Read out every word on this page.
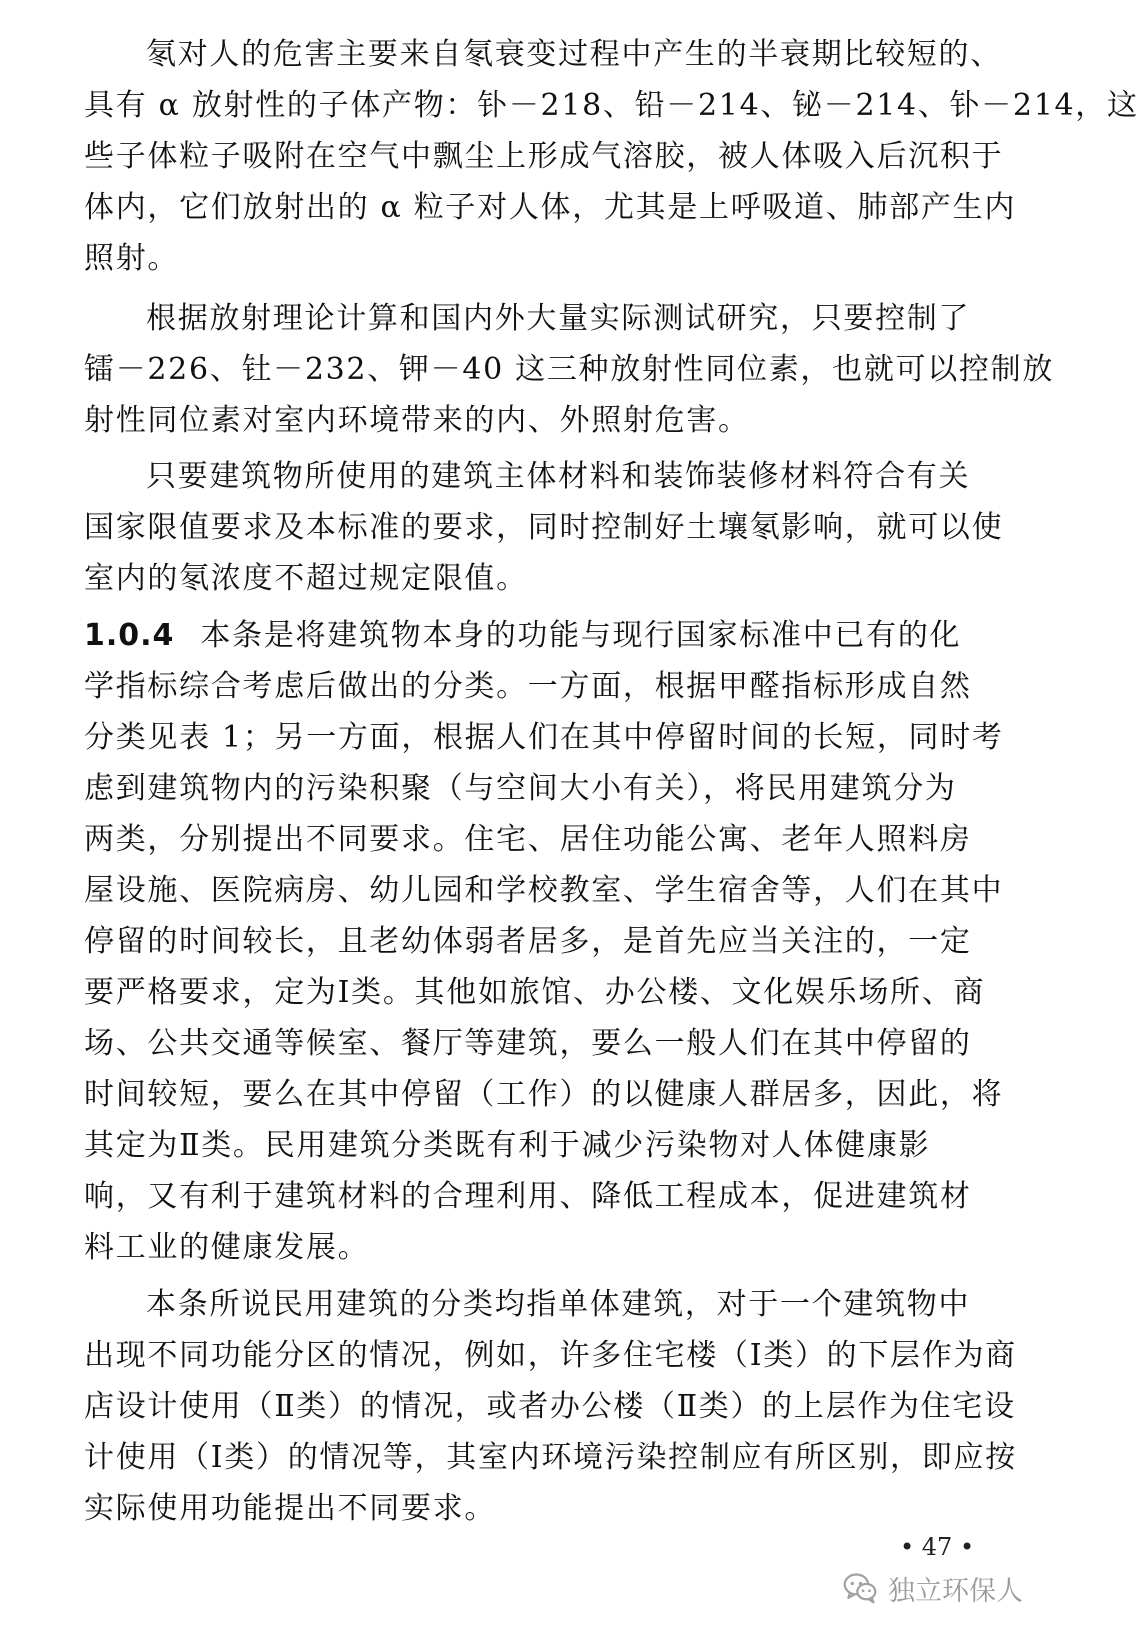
氡对人的危害主要来自氡衰变过程中产生的半衰期比较短的、
具有 α 放射性的子体产物：钋－218、铅－214、铋－214、钋－214，这
些子体粒子吸附在空气中飘尘上形成气溶胶，被人体吸入后沉积于
体内，它们放射出的 α 粒子对人体，尤其是上呼吸道、肺部产生内
照射。
根据放射理论计算和国内外大量实际测试研究，只要控制了
镭－226、钍－232、钾－40 这三种放射性同位素，也就可以控制放
射性同位素对室内环境带来的内、外照射危害。
只要建筑物所使用的建筑主体材料和装饰装修材料符合有关
国家限值要求及本标准的要求，同时控制好土壤氡影响，就可以使
室内的氡浓度不超过规定限值。
1.0.4 本条是将建筑物本身的功能与现行国家标准中已有的化
学指标综合考虑后做出的分类。一方面，根据甲醛指标形成自然
分类见表 1；另一方面，根据人们在其中停留时间的长短，同时考
虑到建筑物内的污染积聚（与空间大小有关），将民用建筑分为
两类，分别提出不同要求。住宅、居住功能公寓、老年人照料房
屋设施、医院病房、幼儿园和学校教室、学生宿舍等，人们在其中
停留的时间较长，且老幼体弱者居多，是首先应当关注的，一定
要严格要求，定为Ⅰ类。其他如旅馆、办公楼、文化娱乐场所、商
场、公共交通等候室、餐厅等建筑，要么一般人们在其中停留的
时间较短，要么在其中停留（工作）的以健康人群居多，因此，将
其定为Ⅱ类。民用建筑分类既有利于减少污染物对人体健康影
响，又有利于建筑材料的合理利用、降低工程成本，促进建筑材
料工业的健康发展。
本条所说民用建筑的分类均指单体建筑，对于一个建筑物中
出现不同功能分区的情况，例如，许多住宅楼（Ⅰ类）的下层作为商
店设计使用（Ⅱ类）的情况，或者办公楼（Ⅱ类）的上层作为住宅设
计使用（Ⅰ类）的情况等，其室内环境污染控制应有所区别，即应按
实际使用功能提出不同要求。
• 47 •
独立环保人
